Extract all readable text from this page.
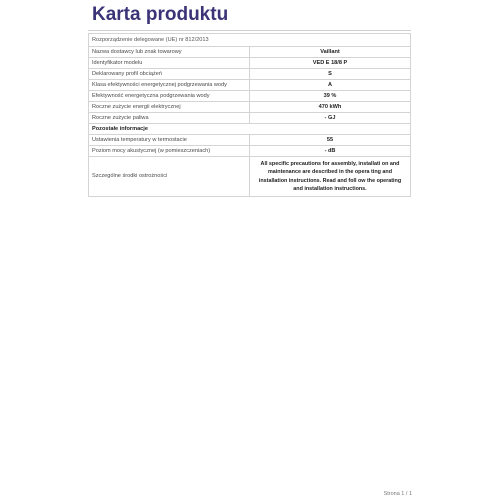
Karta produktu
Rozporządzenie delegowane (UE) nr 812/2013	
Nazwa dostawcy lub znak towarowy	Vaillant
Identyfikator modelu	VED E 18/8 P
Deklarowany profil obciążeń	S
Klasa efektywności energetycznej podgrzewania wody	A
Efektywność energetyczna podgrzewania wody	39 %
Roczne zużycie energii elektrycznej	470 kWh
Roczne zużycie paliwa	- GJ
Pozostałe informacje	
Ustawienia temperatury w termostacie	55
Poziom mocy akustycznej (w pomieszczeniach)	- dB
Szczególne środki ostrożności	All specific precautions for assembly, installati on and maintenance are described in the opera ting and installation instructions. Read and foll ow the operating and installation instructions.
Strona 1 / 1
